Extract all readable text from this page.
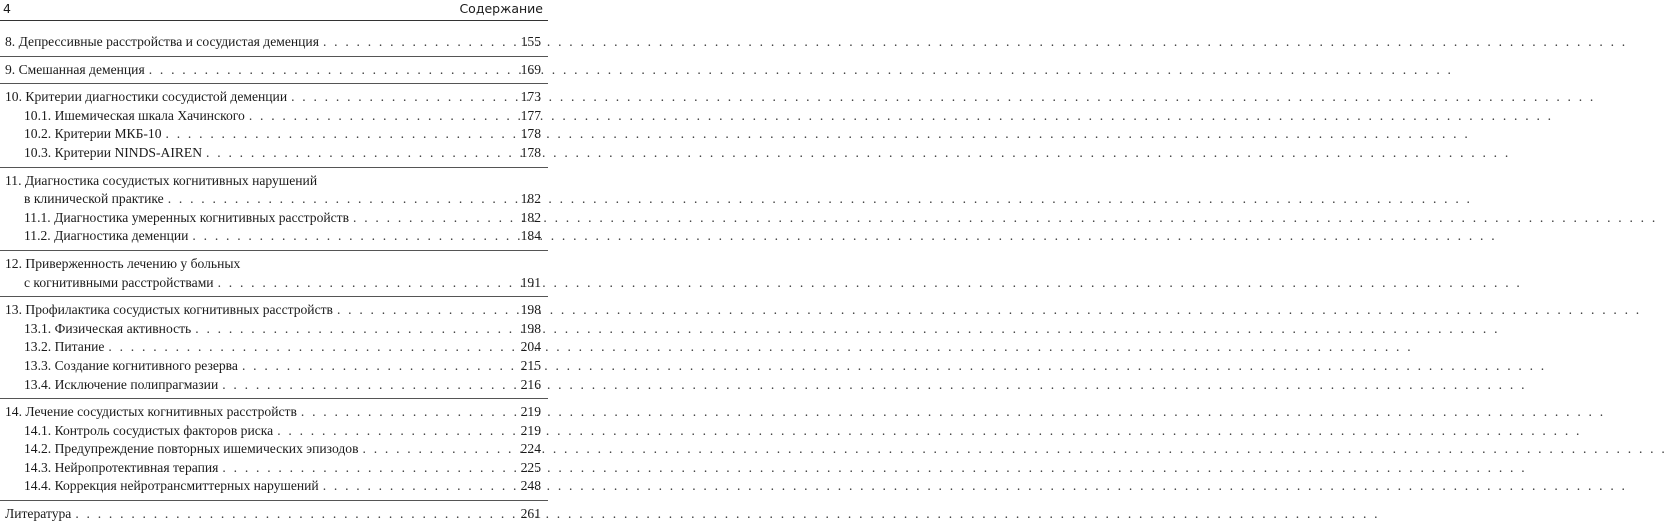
4	Содержание
8. Депрессивные расстройства и сосудистая деменция . . .	155
9. Смешанная деменция . . .	169
10. Критерии диагностики сосудистой деменции . . .	173
10.1. Ишемическая шкала Хачинского . . .	177
10.2. Критерии МКБ-10 . . .	178
10.3. Критерии NINDS-AIREN . . .	178
11. Диагностика сосудистых когнитивных нарушений
в клинической практике . . .	182
11.1. Диагностика умеренных когнитивных расстройств . . .	182
11.2. Диагностика деменции . . .	184
12. Приверженность лечению у больных
с когнитивными расстройствами . . .	191
13. Профилактика сосудистых когнитивных расстройств . . .	198
13.1. Физическая активность . . .	198
13.2. Питание . . .	204
13.3. Создание когнитивного резерва . . .	215
13.4. Исключение полипрагмазии . . .	216
14. Лечение сосудистых когнитивных расстройств . . .	219
14.1. Контроль сосудистых факторов риска . . .	219
14.2. Предупреждение повторных ишемических эпизодов . . .	224
14.3. Нейропротективная терапия . . .	225
14.4. Коррекция нейротрансмиттерных нарушений . . .	248
Литература . . .	261
